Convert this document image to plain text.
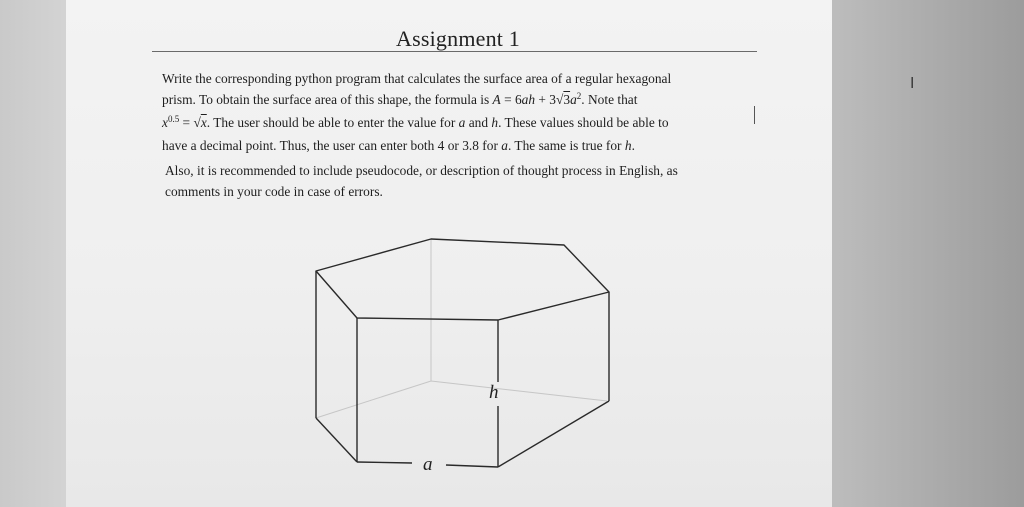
Assignment 1
Write the corresponding python program that calculates the surface area of a regular hexagonal
prism. To obtain the surface area of this shape, the formula is $A = 6ah + 3√3a^2$. Note that
$x^{0.5} = √x$. The user should be able to enter the value for a and h. These values should be able to
have a decimal point. Thus, the user can enter both 4 or 3.8 for a. The same is true for h.
Also, it is recommended to include pseudocode, or description of thought process in English, as
comments in your code in case of errors.
h
a
I
